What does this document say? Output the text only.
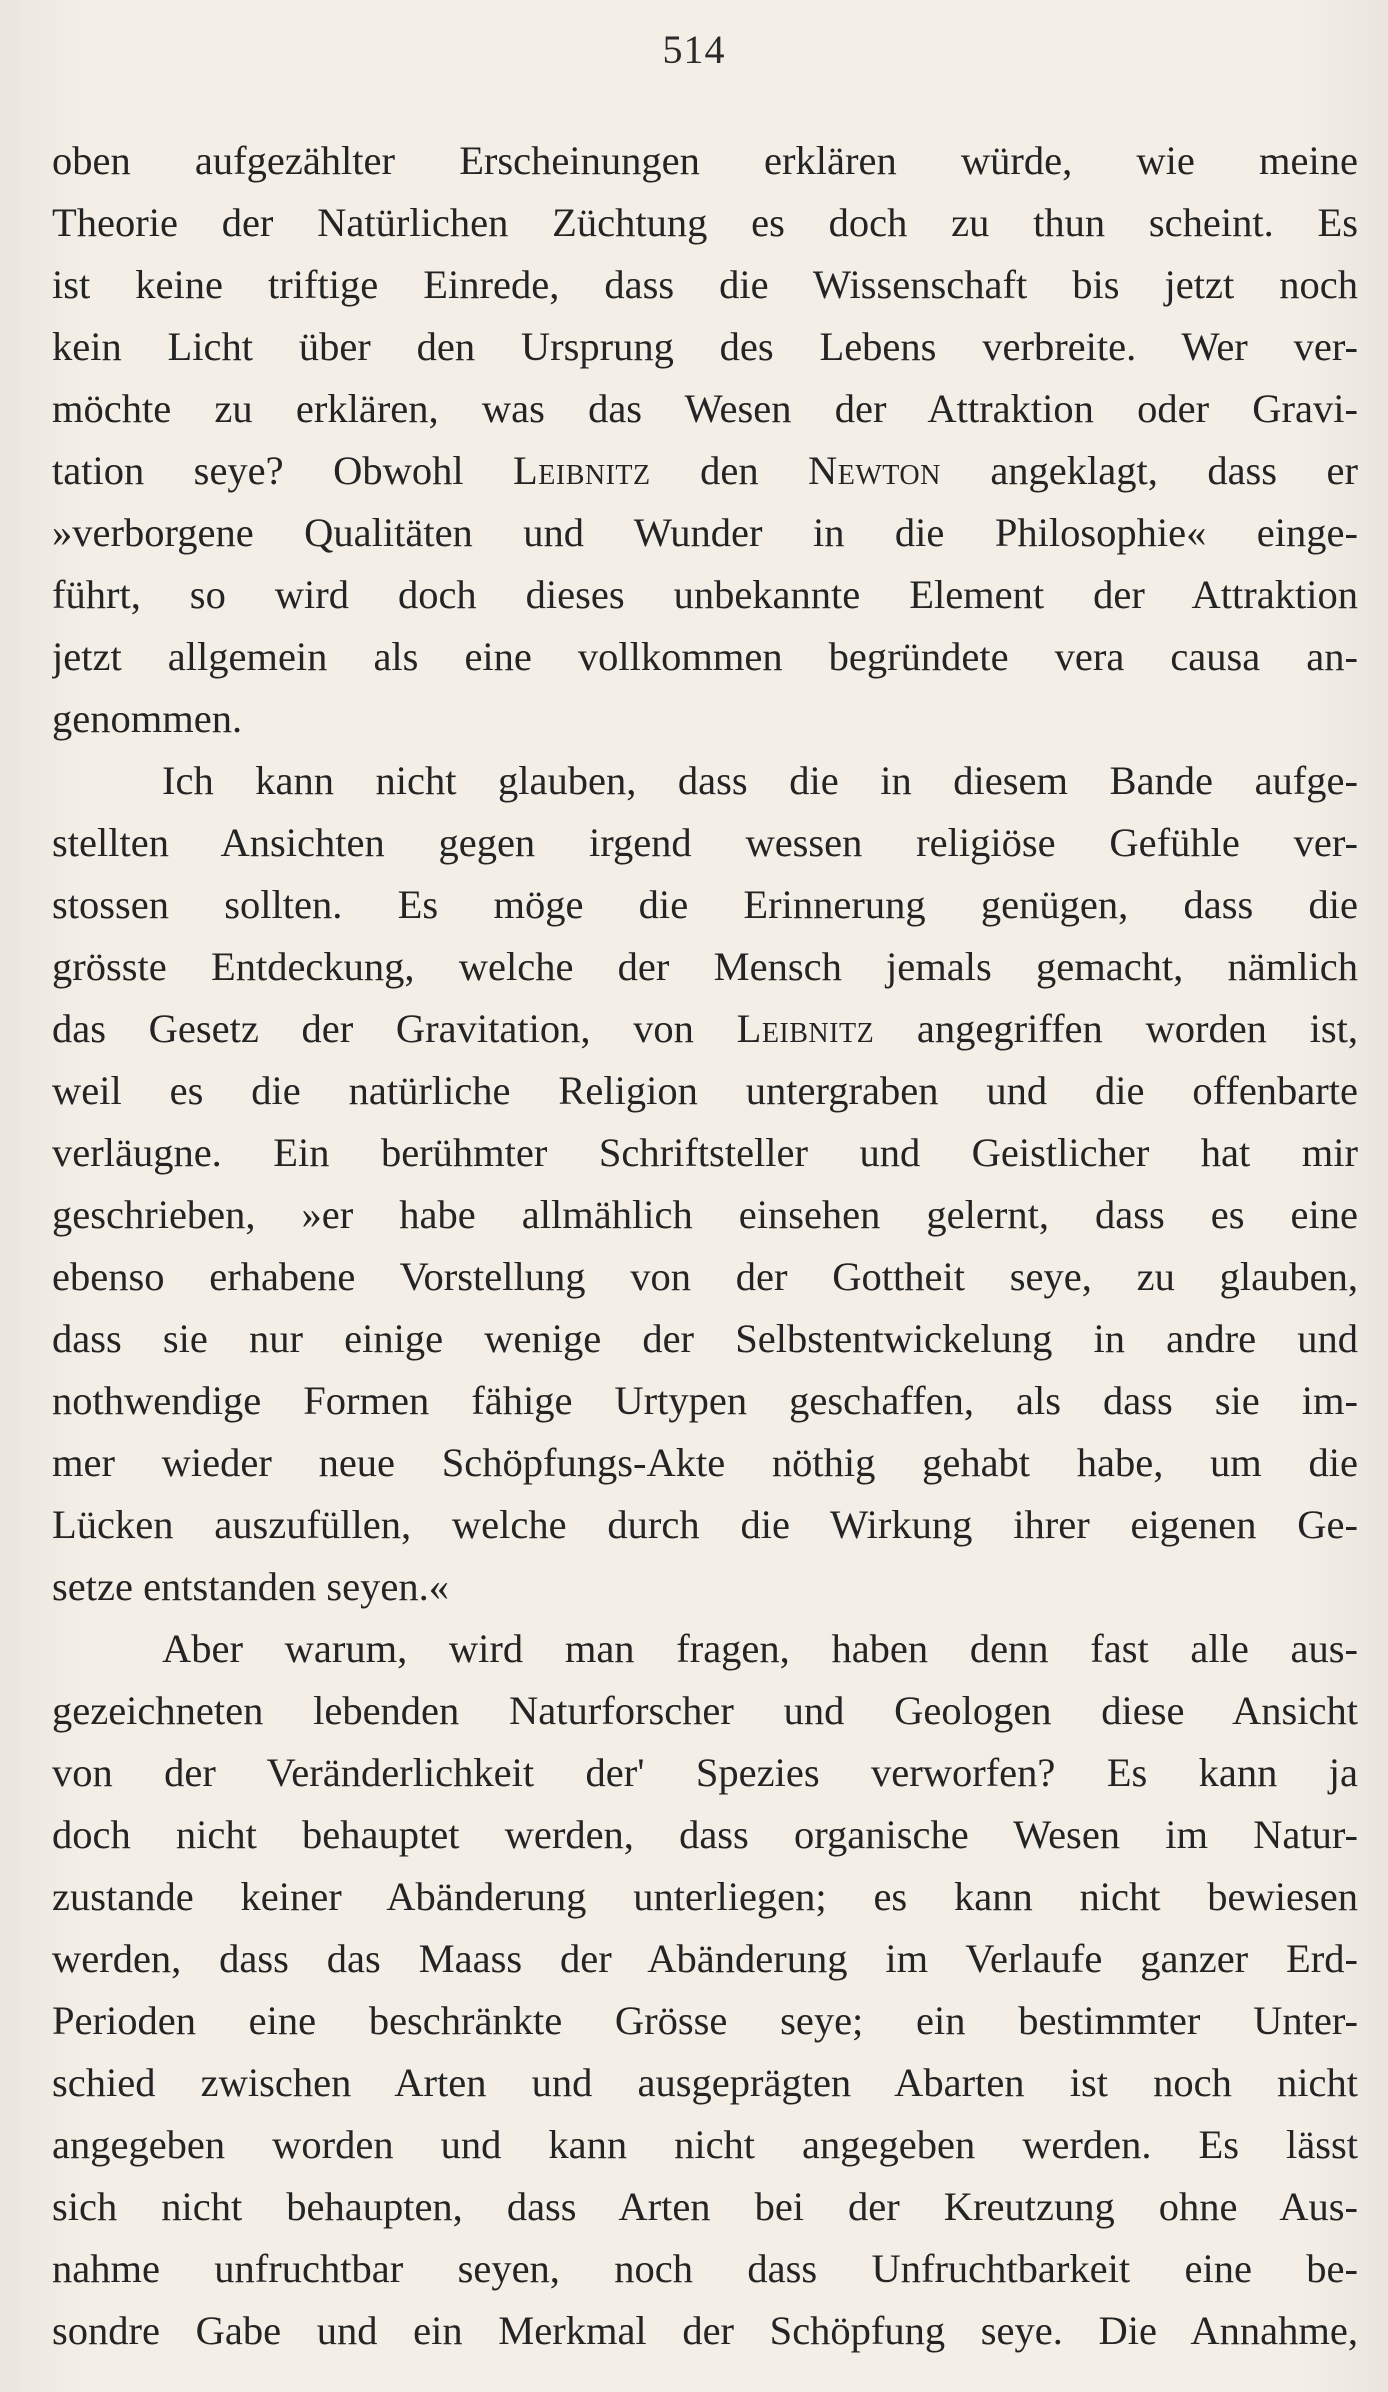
514
oben aufgezählter Erscheinungen erklären würde, wie meine
Theorie der Natürlichen Züchtung es doch zu thun scheint. Es
ist keine triftige Einrede, dass die Wissenschaft bis jetzt noch
kein Licht über den Ursprung des Lebens verbreite. Wer ver-
möchte zu erklären, was das Wesen der Attraktion oder Gravi-
tation seye? Obwohl Leibnitz den Newton angeklagt, dass er
»verborgene Qualitäten und Wunder in die Philosophie« einge-
führt, so wird doch dieses unbekannte Element der Attraktion
jetzt allgemein als eine vollkommen begründete vera causa an-
genommen.
Ich kann nicht glauben, dass die in diesem Bande aufge-
stellten Ansichten gegen irgend wessen religiöse Gefühle ver-
stossen sollten. Es möge die Erinnerung genügen, dass die
grösste Entdeckung, welche der Mensch jemals gemacht, nämlich
das Gesetz der Gravitation, von Leibnitz angegriffen worden ist,
weil es die natürliche Religion untergraben und die offenbarte
verläugne. Ein berühmter Schriftsteller und Geistlicher hat mir
geschrieben, »er habe allmählich einsehen gelernt, dass es eine
ebenso erhabene Vorstellung von der Gottheit seye, zu glauben,
dass sie nur einige wenige der Selbstentwickelung in andre und
nothwendige Formen fähige Urtypen geschaffen, als dass sie im-
mer wieder neue Schöpfungs-Akte nöthig gehabt habe, um die
Lücken auszufüllen, welche durch die Wirkung ihrer eigenen Ge-
setze entstanden seyen.«
Aber warum, wird man fragen, haben denn fast alle aus-
gezeichneten lebenden Naturforscher und Geologen diese Ansicht
von der Veränderlichkeit der' Spezies verworfen? Es kann ja
doch nicht behauptet werden, dass organische Wesen im Natur-
zustande keiner Abänderung unterliegen; es kann nicht bewiesen
werden, dass das Maass der Abänderung im Verlaufe ganzer Erd-
Perioden eine beschränkte Grösse seye; ein bestimmter Unter-
schied zwischen Arten und ausgeprägten Abarten ist noch nicht
angegeben worden und kann nicht angegeben werden. Es lässt
sich nicht behaupten, dass Arten bei der Kreutzung ohne Aus-
nahme unfruchtbar seyen, noch dass Unfruchtbarkeit eine be-
sondre Gabe und ein Merkmal der Schöpfung seye. Die Annahme,
